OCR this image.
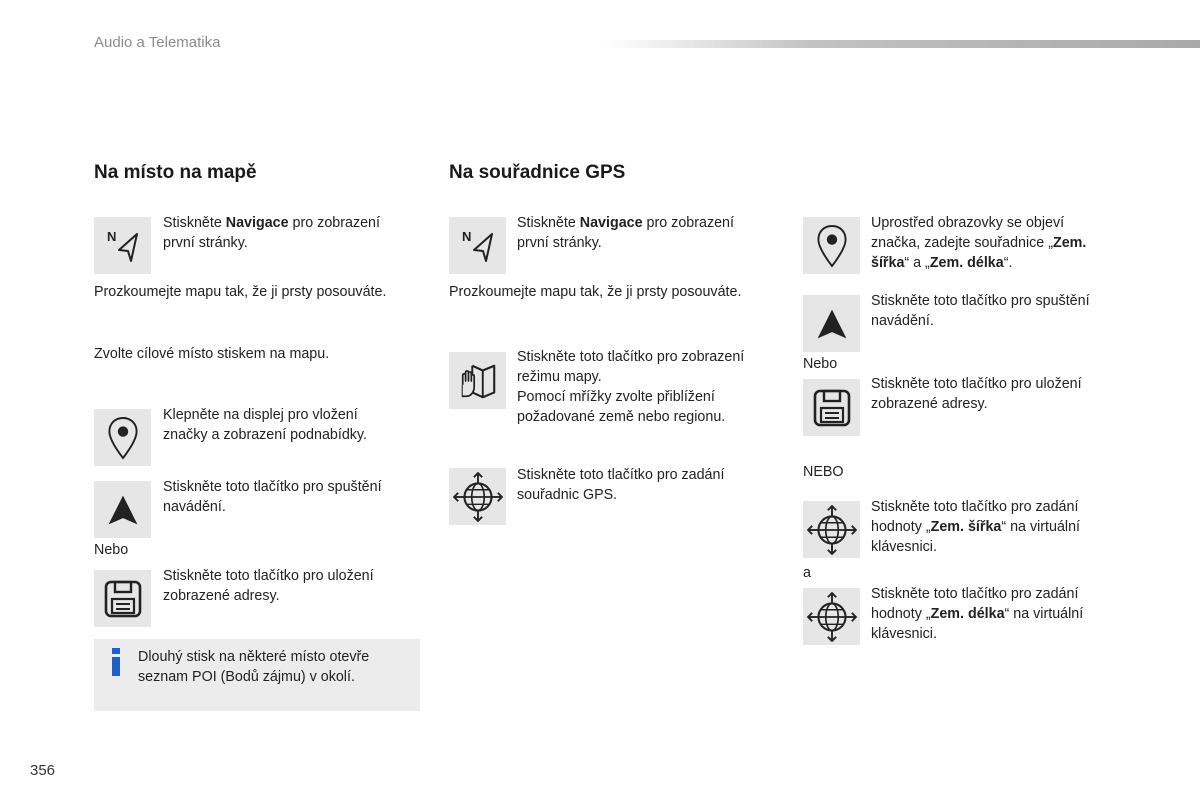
Audio a Telematika
Na místo na mapě
Stiskněte Navigace pro zobrazení
první stránky.
Prozkoumejte mapu tak, že ji prsty posouváte.
Zvolte cílové místo stiskem na mapu.
Klepněte na displej pro vložení
značky a zobrazení podnabídky.
Stiskněte toto tlačítko pro spuštění
navádění.
Nebo
Stiskněte toto tlačítko pro uložení
zobrazené adresy.
Dlouhý stisk na některé místo otevře
seznam POI (Bodů zájmu) v okolí.
Na souřadnice GPS
Stiskněte Navigace pro zobrazení
první stránky.
Prozkoumejte mapu tak, že ji prsty posouváte.
Stiskněte toto tlačítko pro zobrazení
režimu mapy.
Pomocí mřížky zvolte přiblížení
požadované země nebo regionu.
Stiskněte toto tlačítko pro zadání
souřadnic GPS.
Uprostřed obrazovky se objeví
značka, zadejte souřadnice „Zem.
šířka“ a „Zem. délka“.
Stiskněte toto tlačítko pro spuštění
navádění.
Nebo
Stiskněte toto tlačítko pro uložení
zobrazené adresy.
NEBO
Stiskněte toto tlačítko pro zadání
hodnoty „Zem. šířka“ na virtuální
klávesnici.
a
Stiskněte toto tlačítko pro zadání
hodnoty „Zem. délka“ na virtuální
klávesnici.
356
